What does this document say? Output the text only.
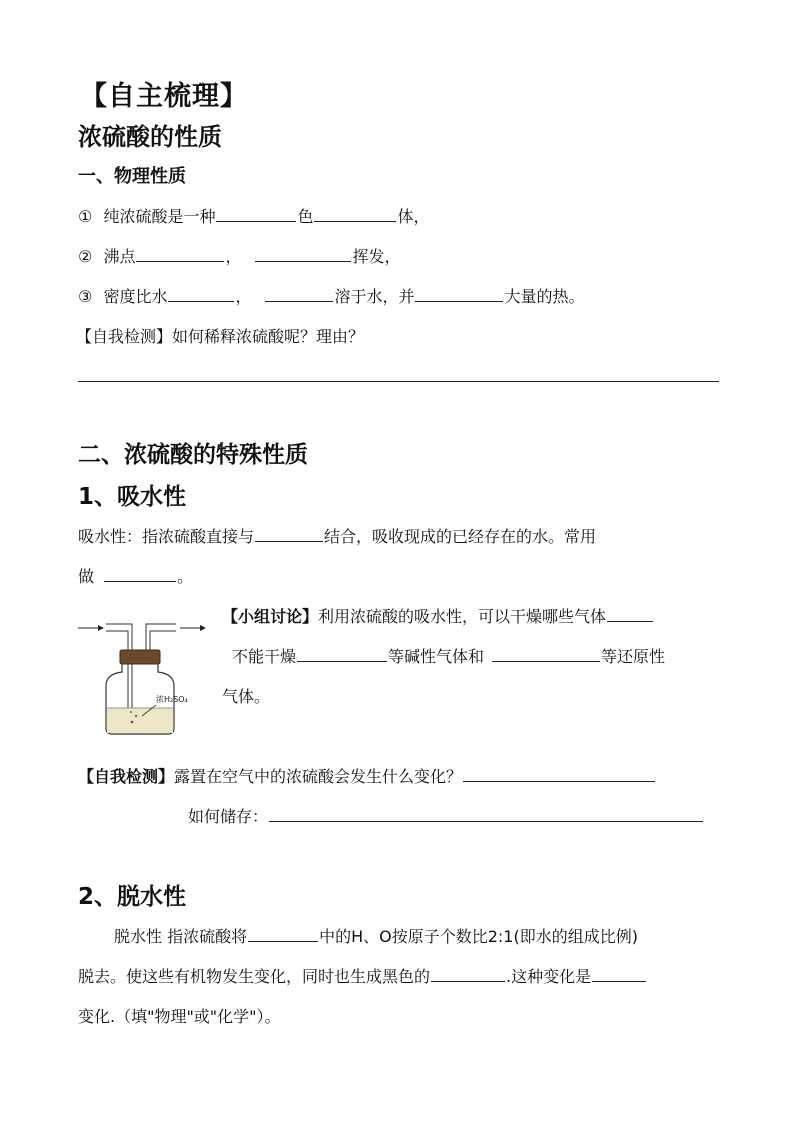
【自主梳理】
浓硫酸的性质
一、物理性质
① 纯浓硫酸是一种	色	体，
② 沸点	，	挥发，
③ 密度比水	，	溶于水，并	大量的热。
【自我检测】如何稀释浓硫酸呢？理由？
二、浓硫酸的特殊性质
1、吸水性
吸水性：指浓硫酸直接与	结合，吸收现成的已经存在的水。常用
做	。
浓H₂SO₄
【小组讨论】利用浓硫酸的吸水性，可以干燥哪些气体
不能干燥	等碱性气体和	等还原性
气体。
【自我检测】露置在空气中的浓硫酸会发生什么变化？
如何储存：
2、脱水性
脱水性 指浓硫酸将	中的H、O按原子个数比2:1(即水的组成比例)
脱去。使这些有机物发生变化，同时也生成黑色的	.这种变化是
变化.（填"物理"或"化学"）。
